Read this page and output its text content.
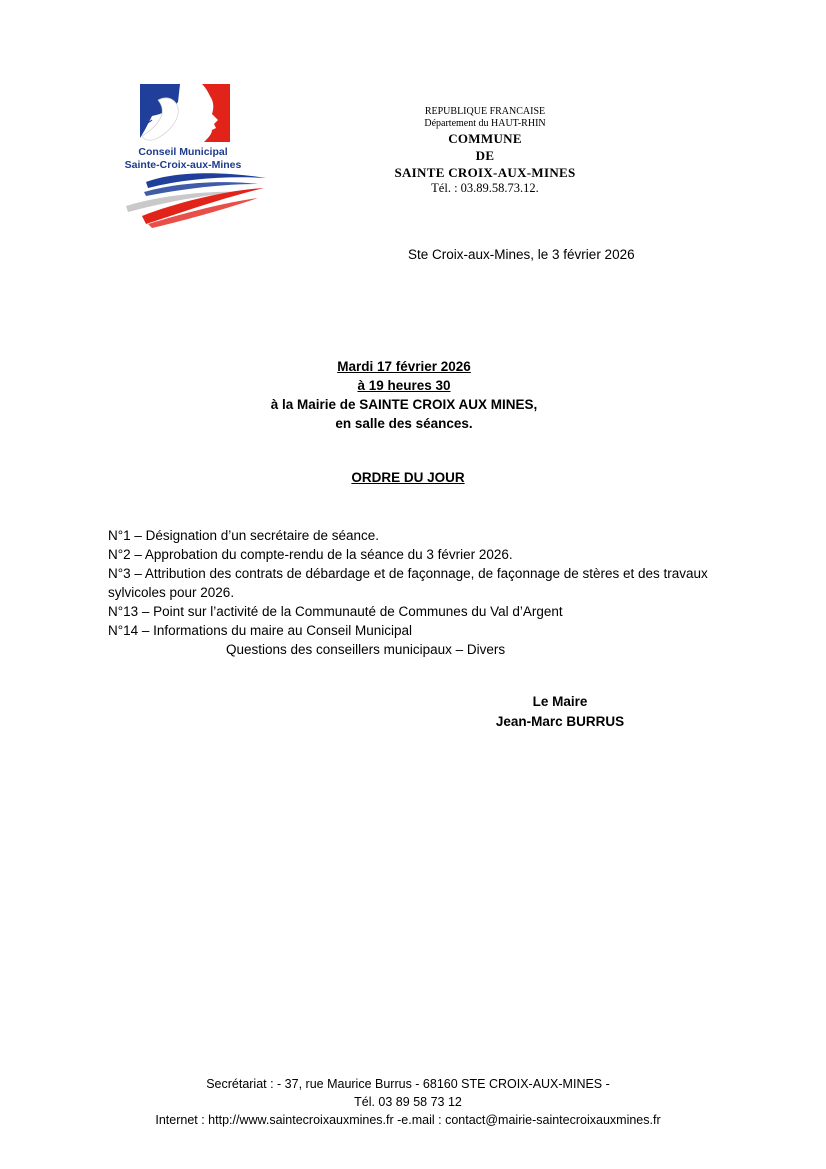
Conseil Municipal
Sainte-Croix-aux-Mines
REPUBLIQUE FRANCAISE
Département du HAUT-RHIN
COMMUNE
DE
SAINTE CROIX-AUX-MINES
Tél. : 03.89.58.73.12.
Ste Croix-aux-Mines, le 3 février 2026
Mardi 17 février 2026
à 19 heures 30
à la Mairie de SAINTE CROIX AUX MINES,
en salle des séances.
ORDRE DU JOUR

N°1 – Désignation d’un secrétaire de séance.

N°2 – Approbation du compte-rendu de la séance du 3 février 2026.

N°3 – Attribution des contrats de débardage et de façonnage, de façonnage de stères et des travaux sylvicoles pour 2026.

N°13 – Point sur l’activité de la Communauté de Communes du Val d’Argent

N°14 – Informations du maire au Conseil Municipal

Questions des conseillers municipaux – Divers

Le Maire
Jean-Marc BURRUS
Secrétariat : - 37, rue Maurice Burrus - 68160 STE CROIX-AUX-MINES -
Tél. 03 89 58 73 12
Internet : http://www.saintecroixauxmines.fr -e.mail : contact@mairie-saintecroixauxmines.fr
